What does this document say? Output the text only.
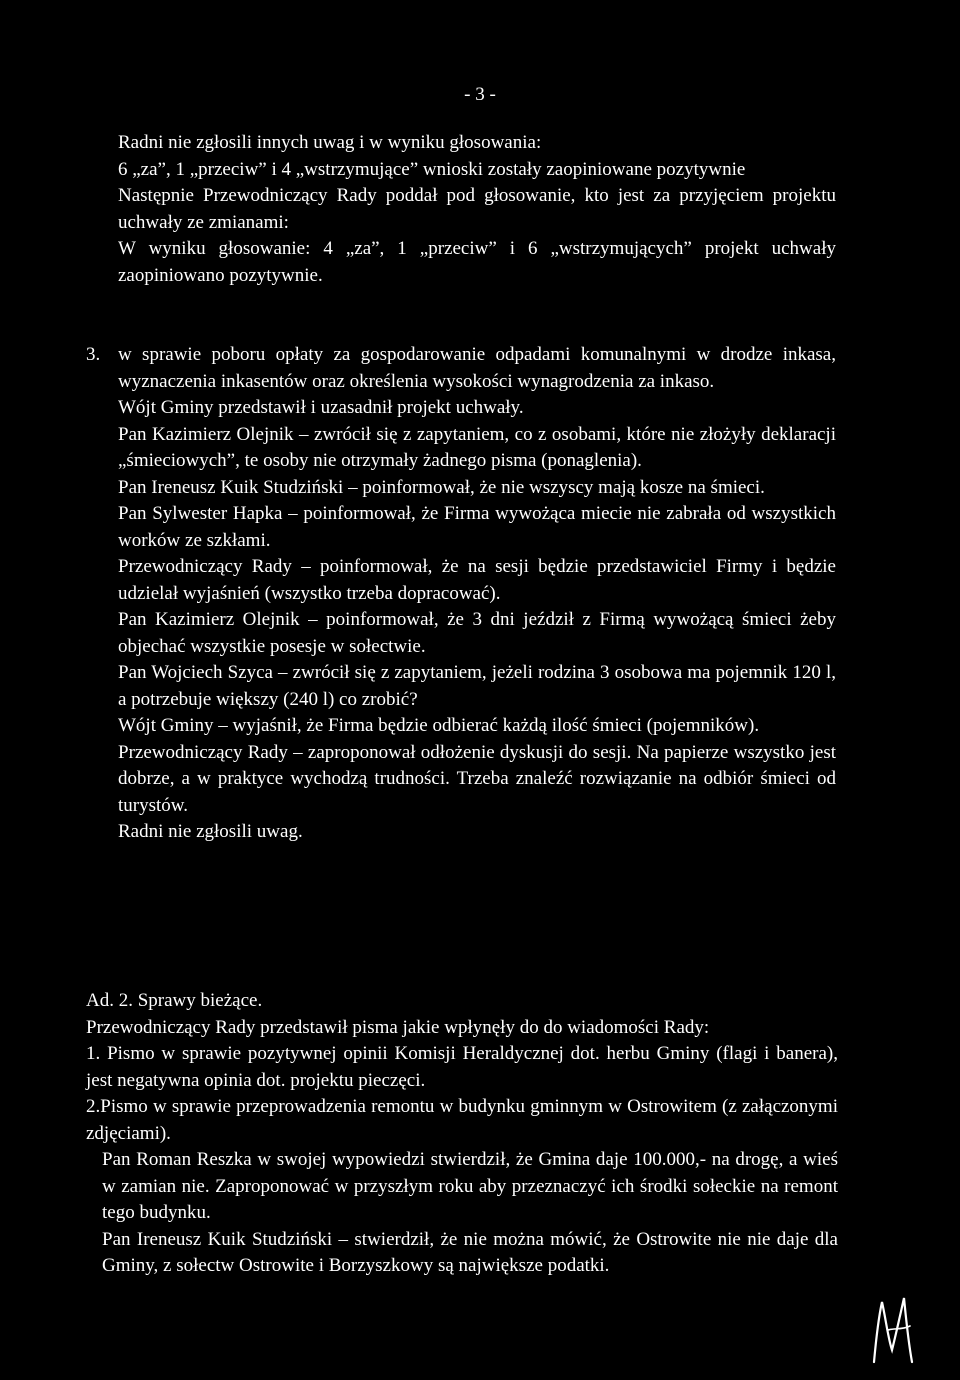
- 3 -

Radni nie zgłosili innych uwag i w wyniku głosowania:

6 „za”, 1 „przeciw” i 4 „wstrzymujące” wnioski zostały zaopiniowane pozytywnie

Następnie Przewodniczący Rady poddał pod głosowanie, kto jest za przyjęciem projektu uchwały ze zmianami:

W wyniku głosowanie: 4 „za”, 1 „przeciw” i 6 „wstrzymujących” projekt uchwały zaopiniowano pozytywnie.

3. w sprawie poboru opłaty za gospodarowanie odpadami komunalnymi w drodze inkasa, wyznaczenia inkasentów oraz określenia wysokości wynagrodzenia za inkaso.

Wójt Gminy przedstawił i uzasadnił projekt uchwały.

Pan Kazimierz Olejnik – zwrócił się z zapytaniem, co z osobami, które nie złożyły deklaracji „śmieciowych”, te osoby nie otrzymały żadnego pisma (ponaglenia).

Pan Ireneusz Kuik Studziński – poinformował, że nie wszyscy mają kosze na śmieci.

Pan Sylwester Hapka – poinformował, że Firma wywożąca miecie nie zabrała od wszystkich worków ze szkłami.

Przewodniczący Rady – poinformował, że na sesji będzie przedstawiciel Firmy i będzie udzielał wyjaśnień (wszystko trzeba dopracować).

Pan Kazimierz Olejnik – poinformował, że 3 dni jeździł z Firmą wywożącą śmieci żeby objechać wszystkie posesje w sołectwie.

Pan Wojciech Szyca – zwrócił się z zapytaniem, jeżeli rodzina 3 osobowa ma pojemnik 120 l, a potrzebuje większy (240 l) co zrobić?

Wójt Gminy – wyjaśnił, że Firma będzie odbierać każdą ilość śmieci (pojemników).

Przewodniczący Rady – zaproponował odłożenie dyskusji do sesji. Na papierze wszystko jest dobrze, a w praktyce wychodzą trudności. Trzeba znaleźć rozwiązanie na odbiór śmieci od turystów.

Radni nie zgłosili uwag.

Ad. 2. Sprawy bieżące.

Przewodniczący Rady przedstawił pisma jakie wpłynęły do do wiadomości Rady:

1. Pismo w sprawie pozytywnej opinii Komisji Heraldycznej dot. herbu Gminy (flagi i banera), jest negatywna opinia dot. projektu pieczęci.

2.Pismo w sprawie przeprowadzenia remontu w budynku gminnym w Ostrowitem (z załączonymi zdjęciami).

Pan Roman Reszka w swojej wypowiedzi stwierdził, że Gmina daje 100.000,- na drogę, a wieś w zamian nie. Zaproponować w przyszłym roku aby przeznaczyć ich środki sołeckie na remont tego budynku.

Pan Ireneusz Kuik Studziński – stwierdził, że nie można mówić, że Ostrowite nie nie daje dla Gminy, z sołectw Ostrowite i Borzyszkowy są największe podatki.
